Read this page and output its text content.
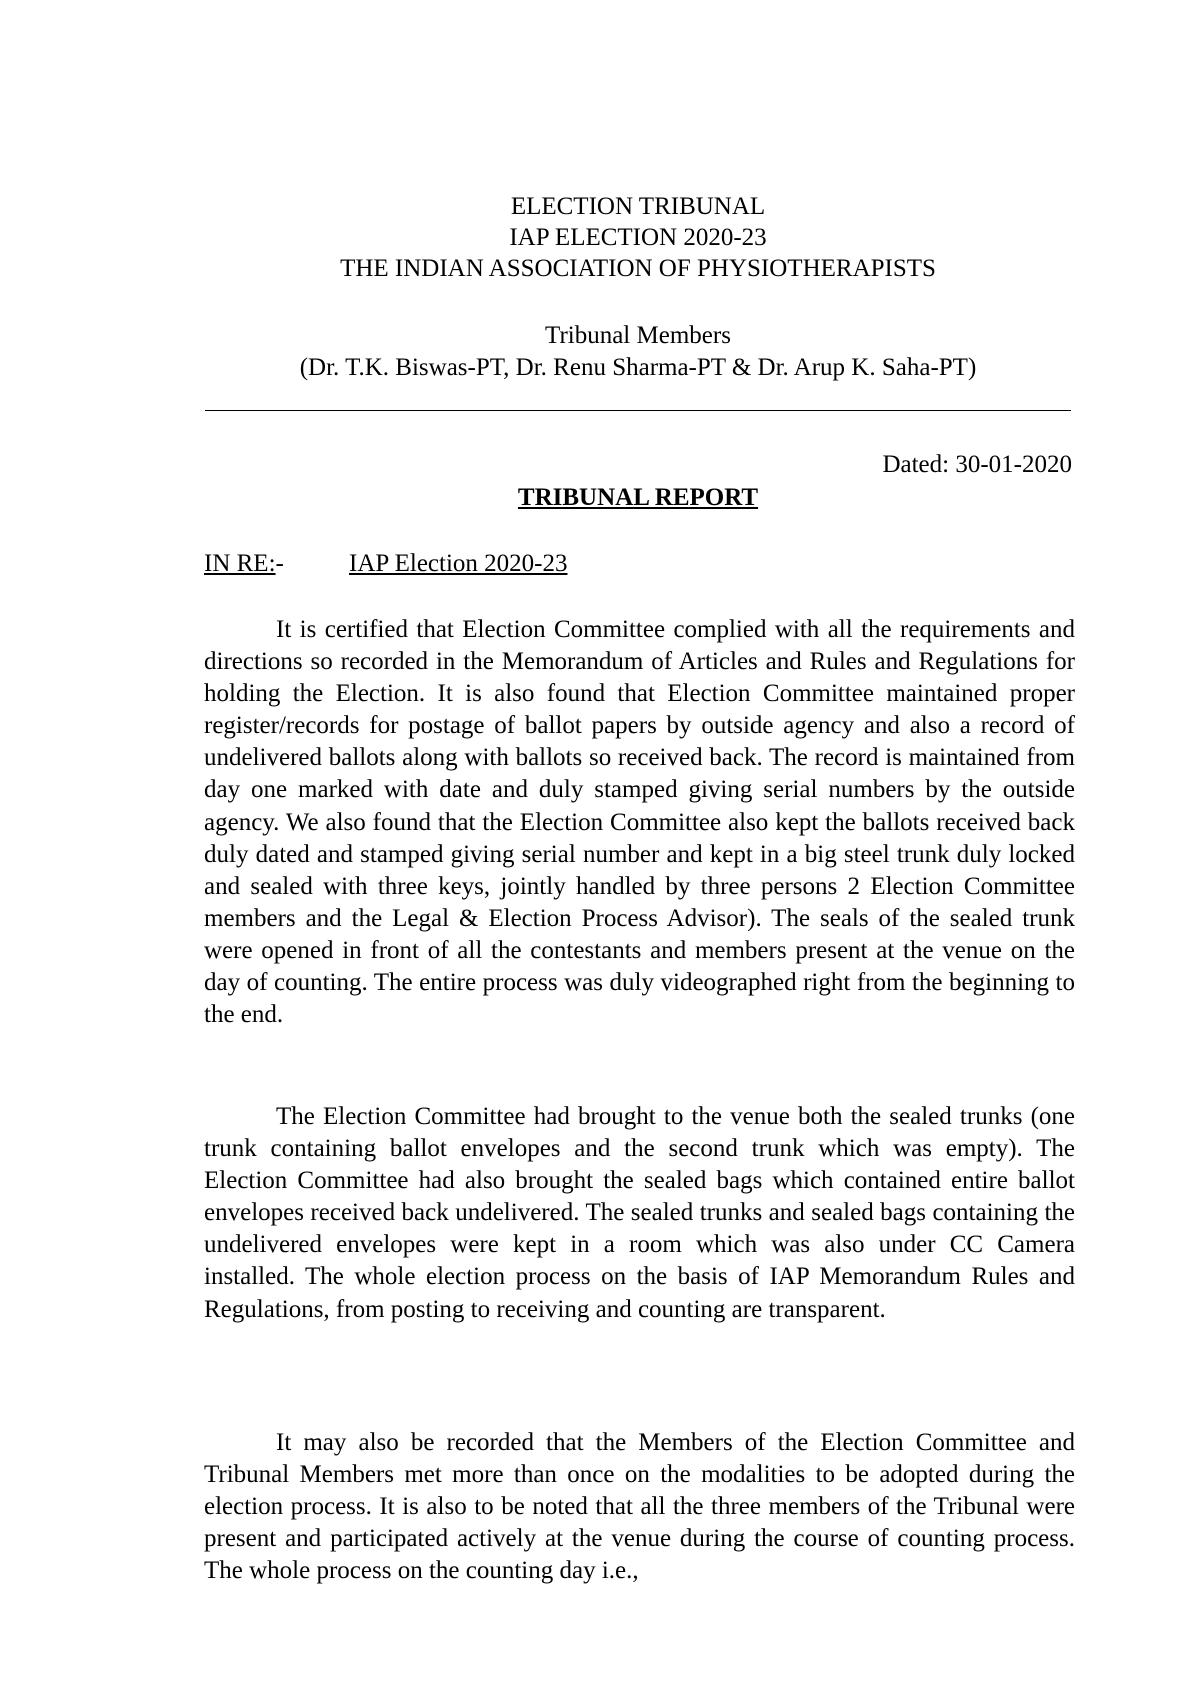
ELECTION TRIBUNAL
IAP ELECTION 2020-23
THE INDIAN ASSOCIATION OF PHYSIOTHERAPISTS
Tribunal Members
(Dr. T.K. Biswas-PT, Dr. Renu Sharma-PT & Dr. Arup K. Saha-PT)
Dated: 30-01-2020
TRIBUNAL REPORT
IN RE:-	IAP Election 2020-23

It is certified that Election Committee complied with all the requirements and directions so recorded in the Memorandum of Articles and Rules and Regulations for holding the Election. It is also found that Election Committee maintained proper register/records for postage of ballot papers by outside agency and also a record of undelivered ballots along with ballots so received back. The record is maintained from day one marked with date and duly stamped giving serial numbers by the outside agency. We also found that the Election Committee also kept the ballots received back duly dated and stamped giving serial number and kept in a big steel trunk duly locked and sealed with three keys, jointly handled by three persons 2 Election Committee members and the Legal & Election Process Advisor). The seals of the sealed trunk were opened in front of all the contestants and members present at the venue on the day of counting. The entire process was duly videographed right from the beginning to the end.

The Election Committee had brought to the venue both the sealed trunks (one trunk containing ballot envelopes and the second trunk which was empty). The Election Committee had also brought the sealed bags which contained entire ballot envelopes received back undelivered. The sealed trunks and sealed bags containing the undelivered envelopes were kept in a room which was also under CC Camera installed. The whole election process on the basis of IAP Memorandum Rules and Regulations, from posting to receiving and counting are transparent.

It may also be recorded that the Members of the Election Committee and Tribunal Members met more than once on the modalities to be adopted during the election process. It is also to be noted that all the three members of the Tribunal were present and participated actively at the venue during the course of counting process. The whole process on the counting day i.e.,
